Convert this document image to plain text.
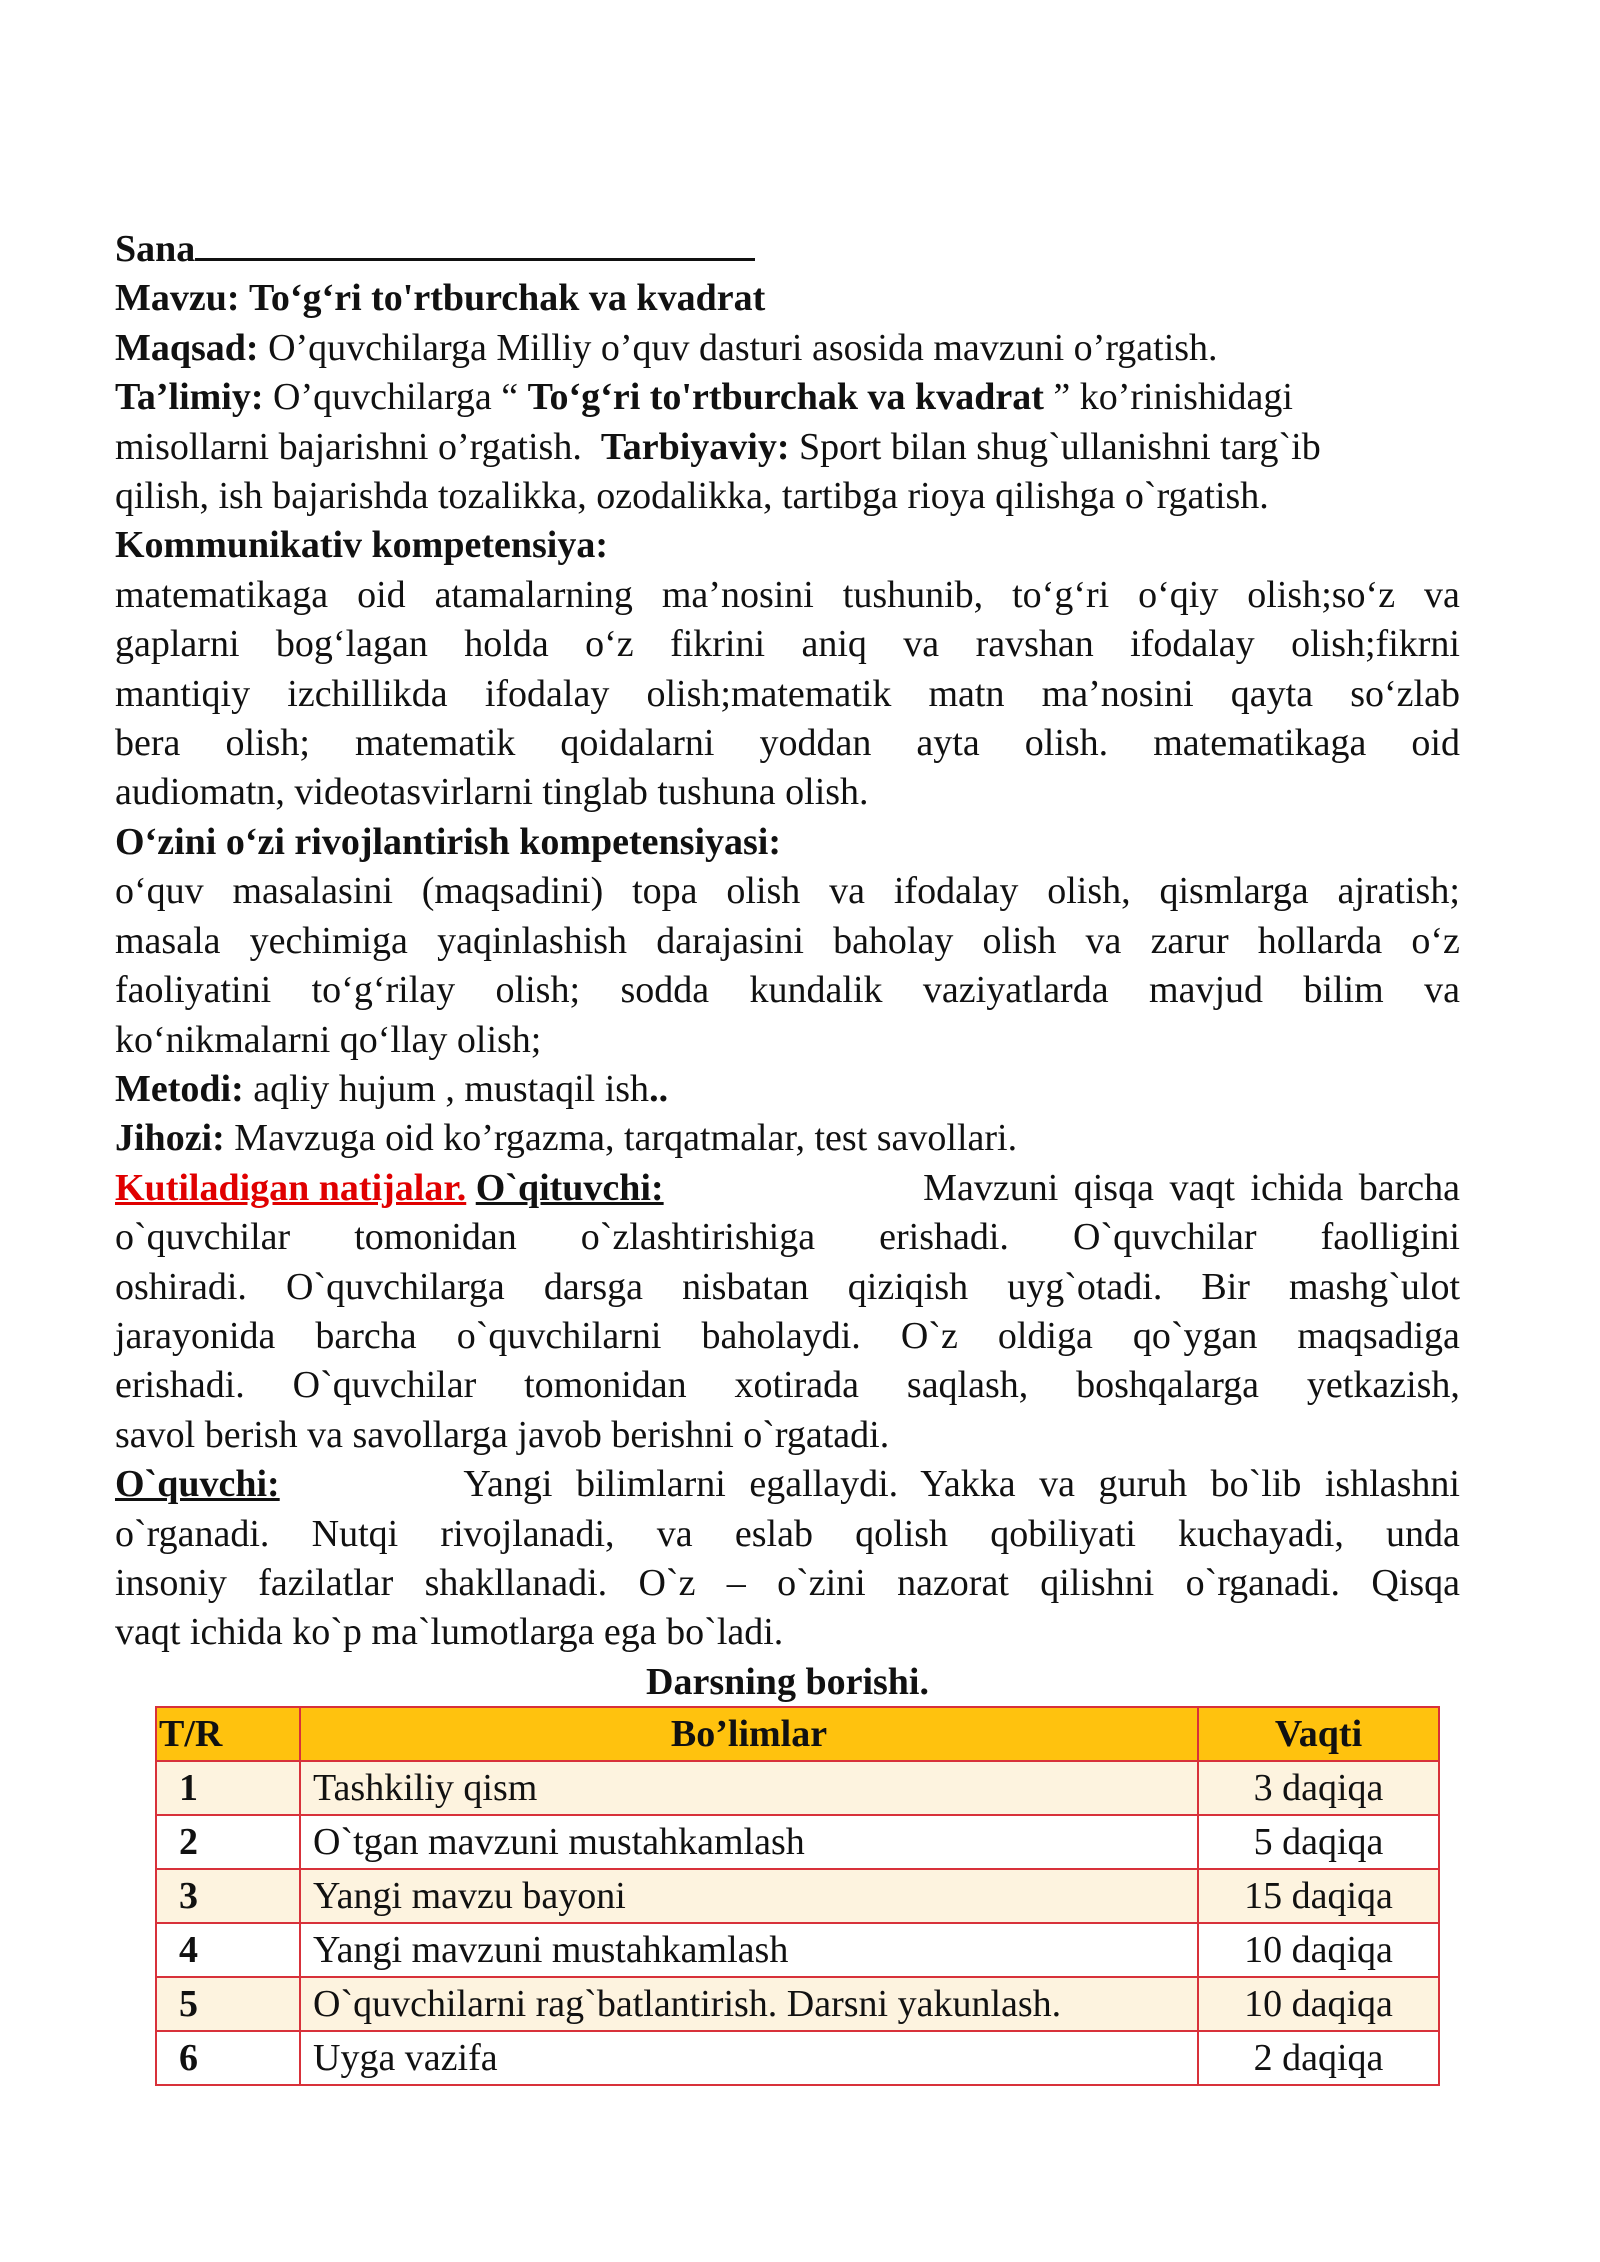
Sana
Mavzu: To‘g‘ri to'rtburchak va kvadrat
Maqsad: O’quvchilarga Milliy o’quv dasturi asosida mavzuni o’rgatish.
Ta’limiy: O’quvchilarga “ To‘g‘ri to'rtburchak va kvadrat ” ko’rinishidagi
misollarni bajarishni o’rgatish. Tarbiyaviy: Sport bilan shug`ullanishni targ`ib
qilish, ish bajarishda tozalikka, ozodalikka, tartibga rioya qilishga o`rgatish.
Kommunikativ kompetensiya:
matematikaga oid atamalarning ma’nosini tushunib, to‘g‘ri o‘qiy olish;so‘z va
gaplarni bog‘lagan holda o‘z fikrini aniq va ravshan ifodalay olish;fikrni
mantiqiy izchillikda ifodalay olish;matematik matn ma’nosini qayta so‘zlab
bera olish; matematik qoidalarni yoddan ayta olish. matematikaga oid
audiomatn, videotasvirlarni tinglab tushuna olish.
O‘zini o‘zi rivojlantirish kompetensiyasi:
o‘quv masalasini (maqsadini) topa olish va ifodalay olish, qismlarga ajratish;
masala yechimiga yaqinlashish darajasini baholay olish va zarur hollarda o‘z
faoliyatini to‘g‘rilay olish; sodda kundalik vaziyatlarda mavjud bilim va
ko‘nikmalarni qo‘llay olish;
Metodi: aqliy hujum , mustaqil ish..
Jihozi: Mavzuga oid ko’rgazma, tarqatmalar, test savollari.
Kutiladigan natijalar. O`qituvchi:	Mavzuni qisqa vaqt ichida barcha
o`quvchilar tomonidan o`zlashtirishiga erishadi. O`quvchilar faolligini
oshiradi. O`quvchilarga darsga nisbatan qiziqish uyg`otadi. Bir mashg`ulot
jarayonida barcha o`quvchilarni baholaydi. O`z oldiga qo`ygan maqsadiga
erishadi. O`quvchilar tomonidan xotirada saqlash, boshqalarga yetkazish,
savol berish va savollarga javob berishni o`rgatadi.
O`quvchi:	Yangi bilimlarni egallaydi. Yakka va guruh bo`lib ishlashni
o`rganadi. Nutqi rivojlanadi, va eslab qolish qobiliyati kuchayadi, unda
insoniy fazilatlar shakllanadi. O`z – o`zini nazorat qilishni o`rganadi. Qisqa
vaqt ichida ko`p ma`lumotlarga ega bo`ladi.
Darsning borishi.
T/R	Bo’limlar	Vaqti
1	Tashkiliy qism	3 daqiqa
2	O`tgan mavzuni mustahkamlash	5 daqiqa
3	Yangi mavzu bayoni	15 daqiqa
4	Yangi mavzuni mustahkamlash	10 daqiqa
5	O`quvchilarni rag`batlantirish. Darsni yakunlash.	10 daqiqa
6	Uyga vazifa	2 daqiqa
